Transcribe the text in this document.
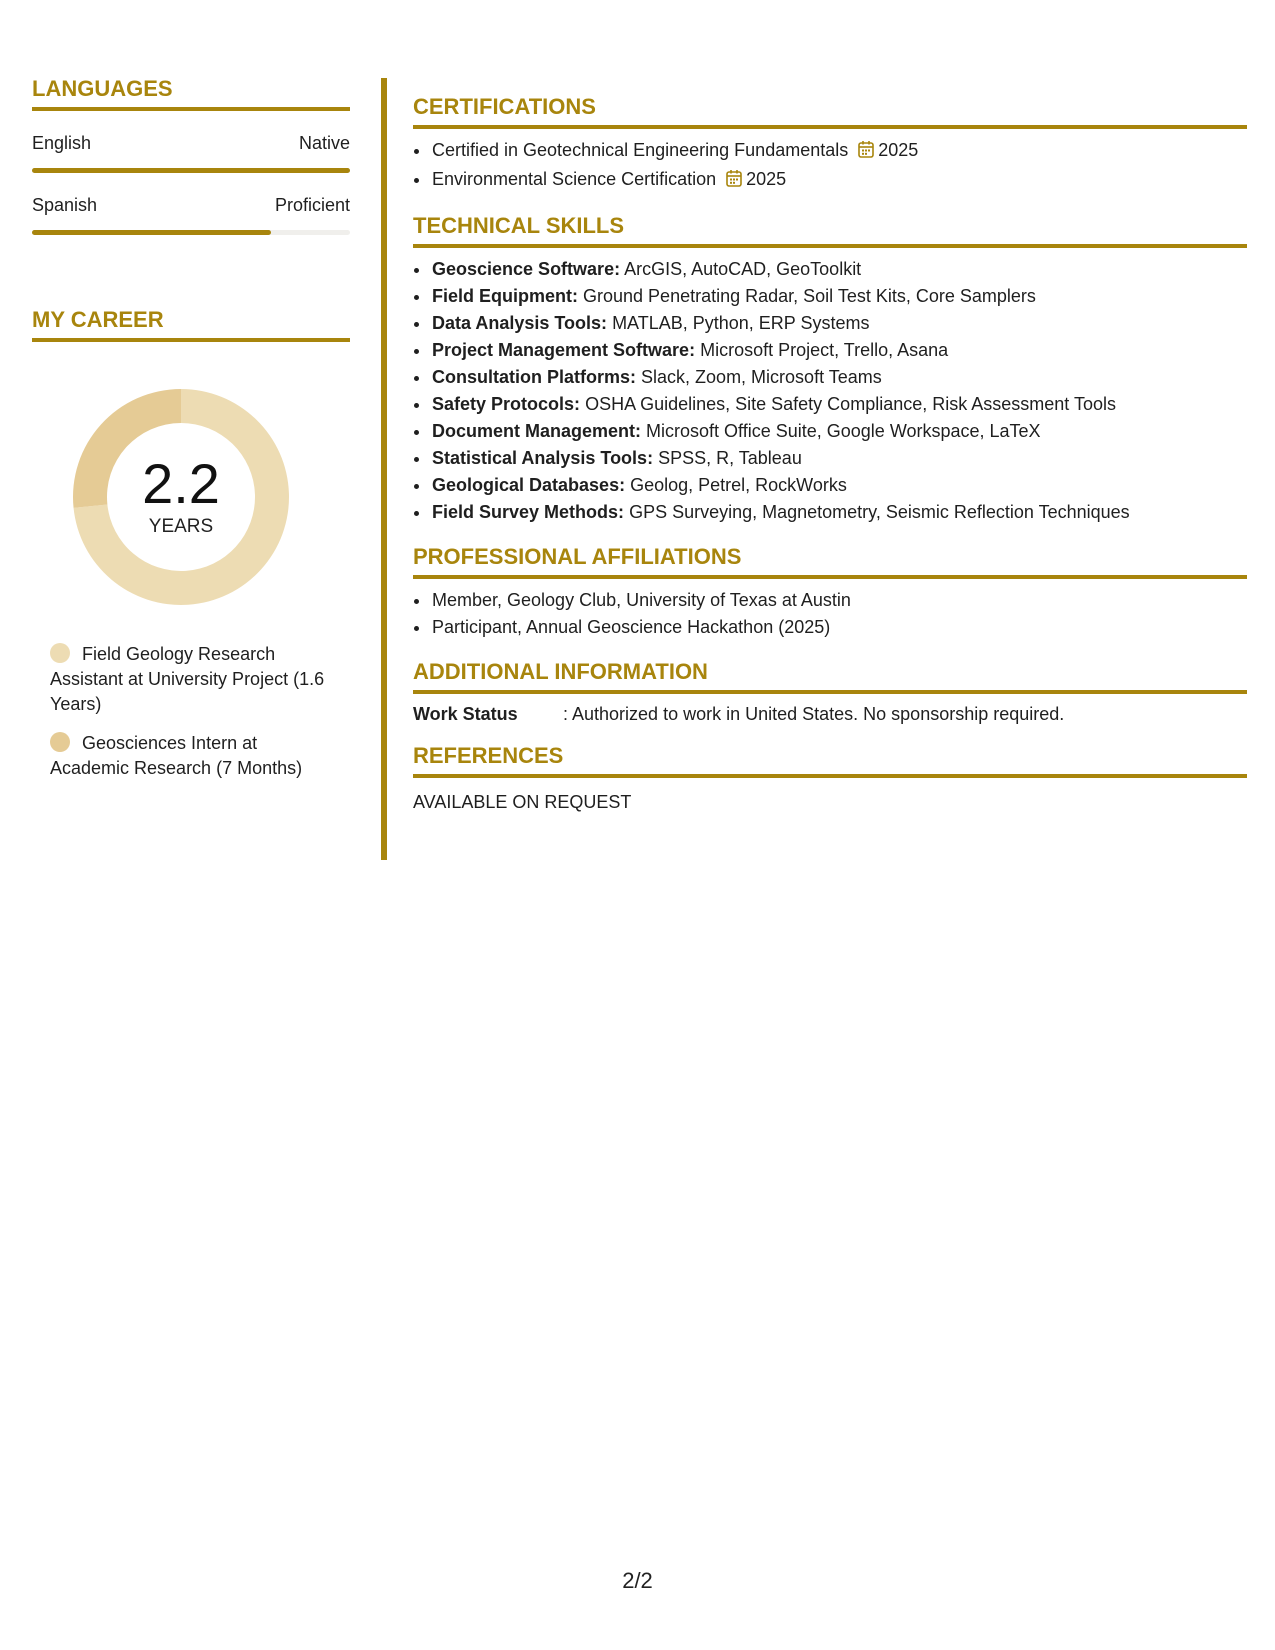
LANGUAGES
English	Native
Spanish	Proficient
MY CAREER
2.2
YEARS
Field Geology Research Assistant at University Project (1.6 Years)
Geosciences Intern at Academic Research (7 Months)
CERTIFICATIONS
• Certified in Geotechnical Engineering Fundamentals 2025
• Environmental Science Certification 2025
TECHNICAL SKILLS
• Geoscience Software: ArcGIS, AutoCAD, GeoToolkit
• Field Equipment: Ground Penetrating Radar, Soil Test Kits, Core Samplers
• Data Analysis Tools: MATLAB, Python, ERP Systems
• Project Management Software: Microsoft Project, Trello, Asana
• Consultation Platforms: Slack, Zoom, Microsoft Teams
• Safety Protocols: OSHA Guidelines, Site Safety Compliance, Risk Assessment Tools
• Document Management: Microsoft Office Suite, Google Workspace, LaTeX
• Statistical Analysis Tools: SPSS, R, Tableau
• Geological Databases: Geolog, Petrel, RockWorks
• Field Survey Methods: GPS Surveying, Magnetometry, Seismic Reflection Techniques
PROFESSIONAL AFFILIATIONS
• Member, Geology Club, University of Texas at Austin
• Participant, Annual Geoscience Hackathon (2025)
ADDITIONAL INFORMATION
Work Status	: Authorized to work in United States. No sponsorship required.
REFERENCES
AVAILABLE ON REQUEST
2/2
